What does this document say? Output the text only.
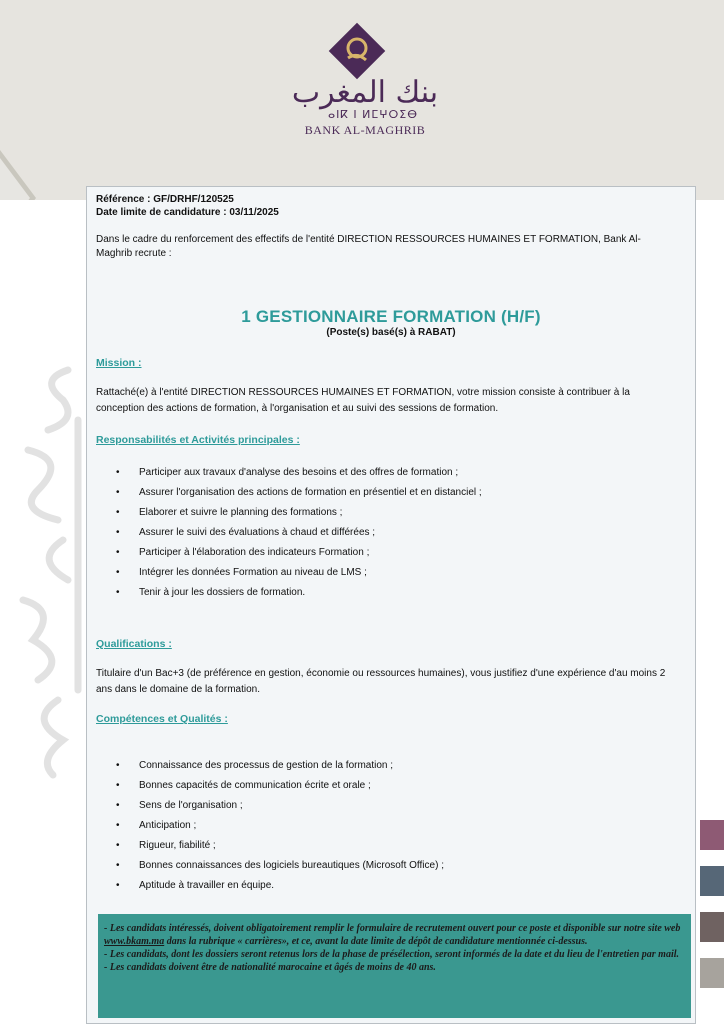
بنك المغرب
ⴰⵏⴽ ⵏ ⵍⵎⵖⵔⵉⴱ
BANK AL-MAGHRIB
Référence : GF/DRHF/120525
Date limite de candidature : 03/11/2025
Dans le cadre du renforcement des effectifs de l'entité DIRECTION RESSOURCES HUMAINES ET FORMATION, Bank Al-Maghrib recrute :
1 GESTIONNAIRE FORMATION (H/F)
(Poste(s) basé(s) à RABAT)
Mission :
Rattaché(e) à l'entité DIRECTION RESSOURCES HUMAINES ET FORMATION, votre mission consiste à contribuer à la conception des actions de formation, à l'organisation et au suivi des sessions de formation.
Responsabilités et Activités principales :
• Participer aux travaux d'analyse des besoins et des offres de formation ;
• Assurer l'organisation des actions de formation en présentiel et en distanciel ;
• Elaborer et suivre le planning des formations ;
• Assurer le suivi des évaluations à chaud et différées ;
• Participer à l'élaboration des indicateurs Formation ;
• Intégrer les données Formation au niveau de LMS ;
• Tenir à jour les dossiers de formation.
Qualifications :
Titulaire d'un Bac+3 (de préférence en gestion, économie ou ressources humaines), vous justifiez d'une expérience d'au moins 2 ans dans le domaine de la formation.
Compétences et Qualités :
• Connaissance des processus de gestion de la formation ;
• Bonnes capacités de communication écrite et orale ;
• Sens de l'organisation ;
• Anticipation ;
• Rigueur, fiabilité ;
• Bonnes connaissances des logiciels bureautiques (Microsoft Office) ;
• Aptitude à travailler en équipe.

- Les candidats intéressés, doivent obligatoirement remplir le formulaire de recrutement ouvert pour ce poste et disponible sur notre site web www.bkam.ma dans la rubrique « carrières», et ce, avant la date limite de dépôt de candidature mentionnée ci-dessus.

- Les candidats, dont les dossiers seront retenus lors de la phase de présélection, seront informés de la date et du lieu de l'entretien par mail.

- Les candidats doivent être de nationalité marocaine et âgés de moins de 40 ans.
